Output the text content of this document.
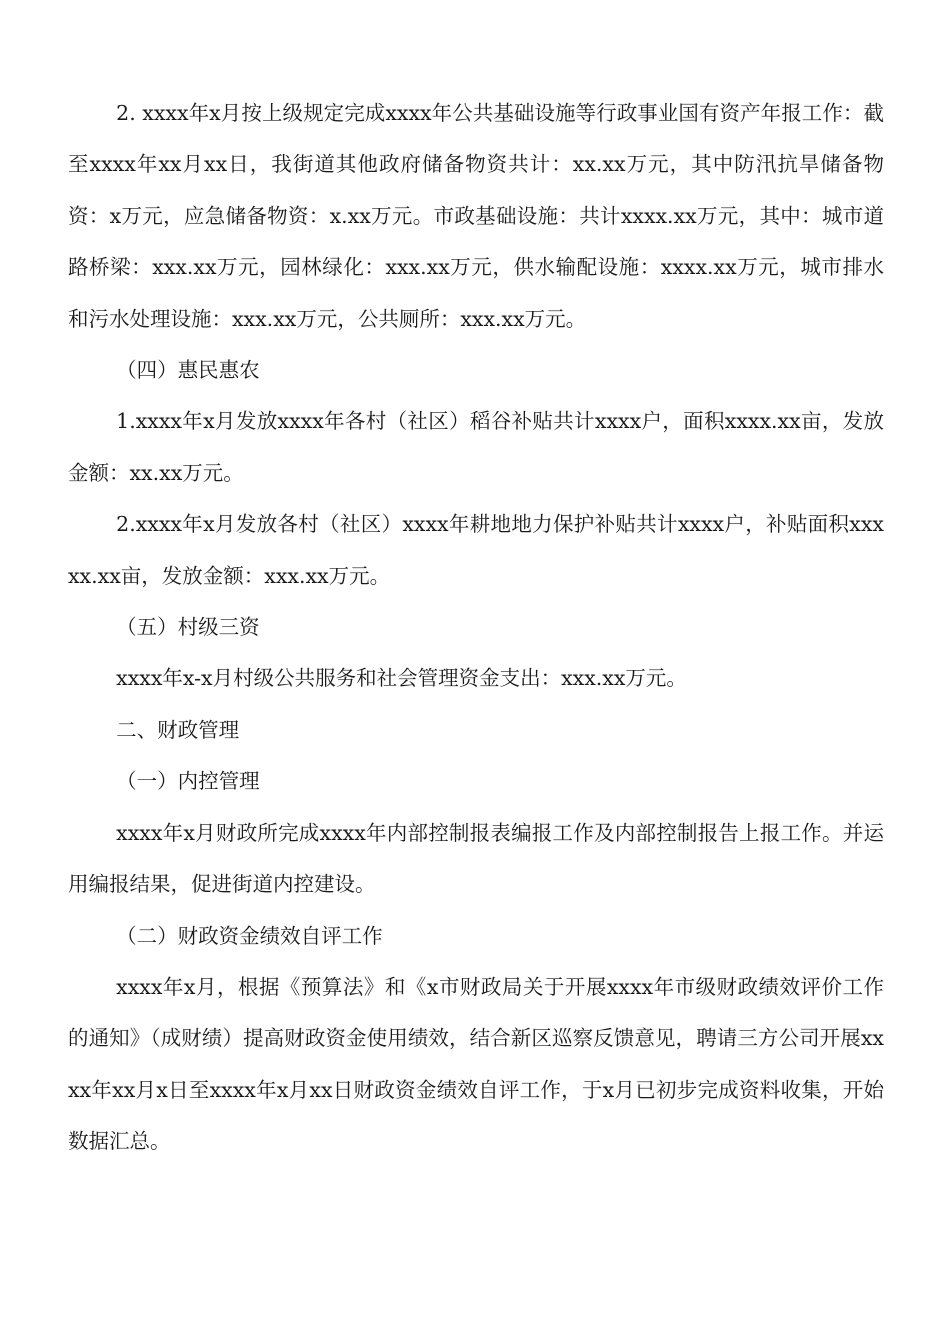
2. xxxx年x月按上级规定完成xxxx年公共基础设施等行政事业国有资产年报工作：截至xxxx年xx月xx日，我街道其他政府储备物资共计：xx.xx万元，其中防汛抗旱储备物资：x万元，应急储备物资：x.xx万元。市政基础设施：共计xxxx.xx万元，其中：城市道路桥梁：xxx.xx万元，园林绿化：xxx.xx万元，供水输配设施：xxxx.xx万元，城市排水和污水处理设施：xxx.xx万元，公共厕所：xxx.xx万元。

（四）惠民惠农

1.xxxx年x月发放xxxx年各村（社区）稻谷补贴共计xxxx户，面积xxxx.xx亩，发放金额：xx.xx万元。

2.xxxx年x月发放各村（社区）xxxx年耕地地力保护补贴共计xxxx户，补贴面积xxxxx.xx亩，发放金额：xxx.xx万元。

（五）村级三资

xxxx年x-x月村级公共服务和社会管理资金支出：xxx.xx万元。

二、财政管理

（一）内控管理

xxxx年x月财政所完成xxxx年内部控制报表编报工作及内部控制报告上报工作。并运用编报结果，促进街道内控建设。

（二）财政资金绩效自评工作

xxxx年x月，根据《预算法》和《x市财政局关于开展xxxx年市级财政绩效评价工作的通知》（成财绩）提高财政资金使用绩效，结合新区巡察反馈意见，聘请三方公司开展xxxx年xx月x日至xxxx年x月xx日财政资金绩效自评工作，于x月已初步完成资料收集，开始数据汇总。
